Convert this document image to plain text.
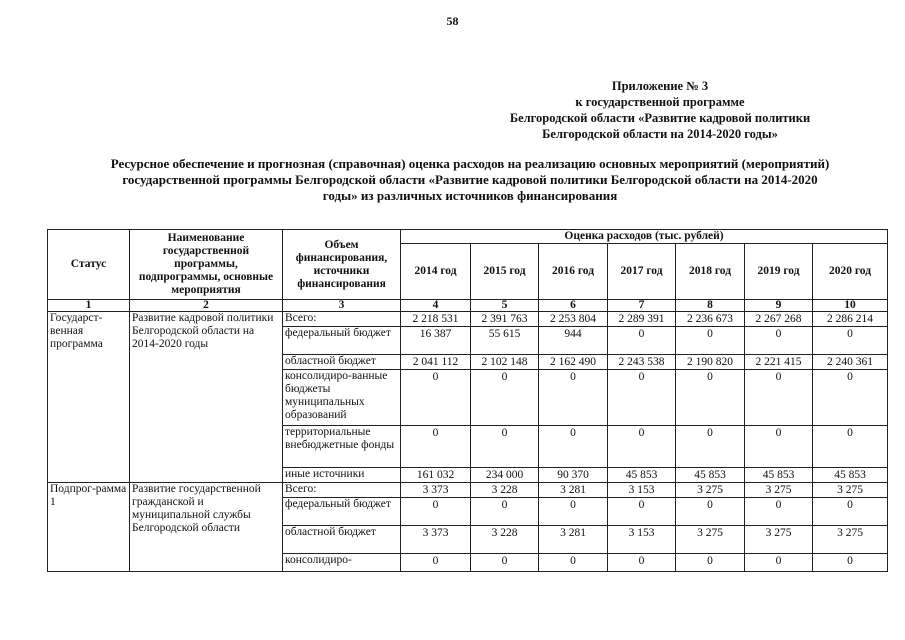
58
Приложение № 3
к государственной программе
Белгородской области «Развитие кадровой политики
Белгородской области на 2014-2020 годы»
Ресурсное обеспечение и прогнозная (справочная) оценка расходов на реализацию основных мероприятий (мероприятий)
государственной программы Белгородской области «Развитие кадровой политики Белгородской области на 2014-2020
годы» из различных источников финансирования
Статус	Наименование государственной программы, подпрограммы, основные мероприятия	Объем финансирования, источники финансирования	Оценка расходов (тыс. рублей)						
			2014 год	2015 год	2016 год	2017 год	2018 год	2019 год	2020 год
1	2	3	4	5	6	7	8	9	10
Государст-венная программа	Развитие кадровой политики Белгородской области на 2014-2020 годы	Всего:	2 218 531	2 391 763	2 253 804	2 289 391	2 236 673	2 267 268	2 286 214
		федеральный бюджет	16 387	55 615	944	0	0	0	0
		областной бюджет	2 041 112	2 102 148	2 162 490	2 243 538	2 190 820	2 221 415	2 240 361
		консолидиро-ванные бюджеты муниципальных образований	0	0	0	0	0	0	0
		территориальные внебюджетные фонды	0	0	0	0	0	0	0
		иные источники	161 032	234 000	90 370	45 853	45 853	45 853	45 853
Подпрог-рамма 1	Развитие государственной гражданской и муниципальной службы Белгородской области	Всего:	3 373	3 228	3 281	3 153	3 275	3 275	3 275
		федеральный бюджет	0	0	0	0	0	0	0
		областной бюджет	3 373	3 228	3 281	3 153	3 275	3 275	3 275
		консолидиро-	0	0	0	0	0	0	0
